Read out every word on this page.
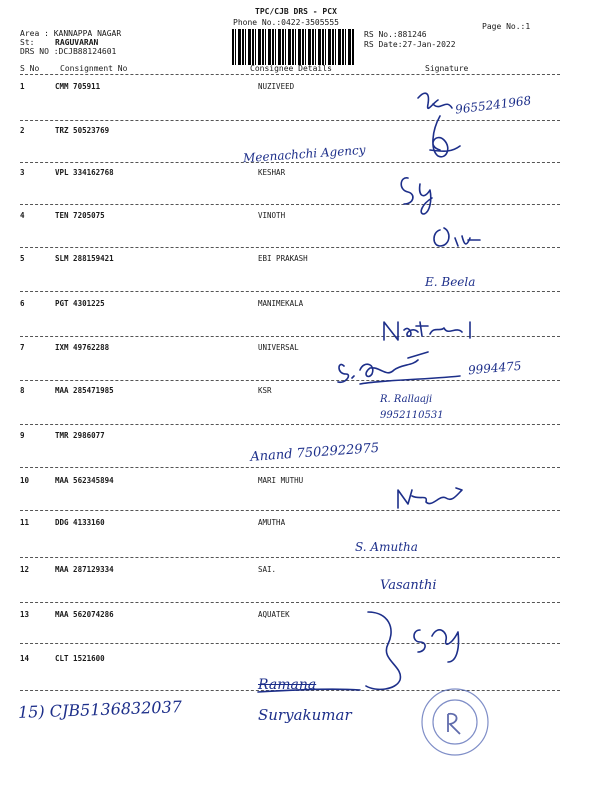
TPC/CJB DRS - PCX
Phone No.:0422-3505555
Area : KANNAPPA NAGAR
St:	RAGUVARAN
DRS NO :DCJB88124601
RS No.:881246
RS Date:27-Jan-2022
Page No.:1
S No	Consignment No	Consignee Details	Signature
1	CMM 705911	NUZIVEED
9655241968
2	TRZ 50523769
Meenachchi Agency
3	VPL 334162768	KESHAR
4	TEN 7205075	VINOTH
5	SLM 288159421	EBI PRAKASH
E. Beela
6	PGT 4301225	MANIMEKALA
7	IXM 49762288	UNIVERSAL
9994475
8	MAA 285471985	KSR
R. Rallaaji 9952110531
9	TMR 2986077
Anand 7502922975
10	MAA 562345894	MARI MUTHU
11	DDG 4133160	AMUTHA
S. Amutha
12	MAA 287129334	SAI.
Vasanthi
13	MAA 562074286	AQUATEK
14	CLT 1521600
15) CJB5136832037
Ramana
Suryakumar
